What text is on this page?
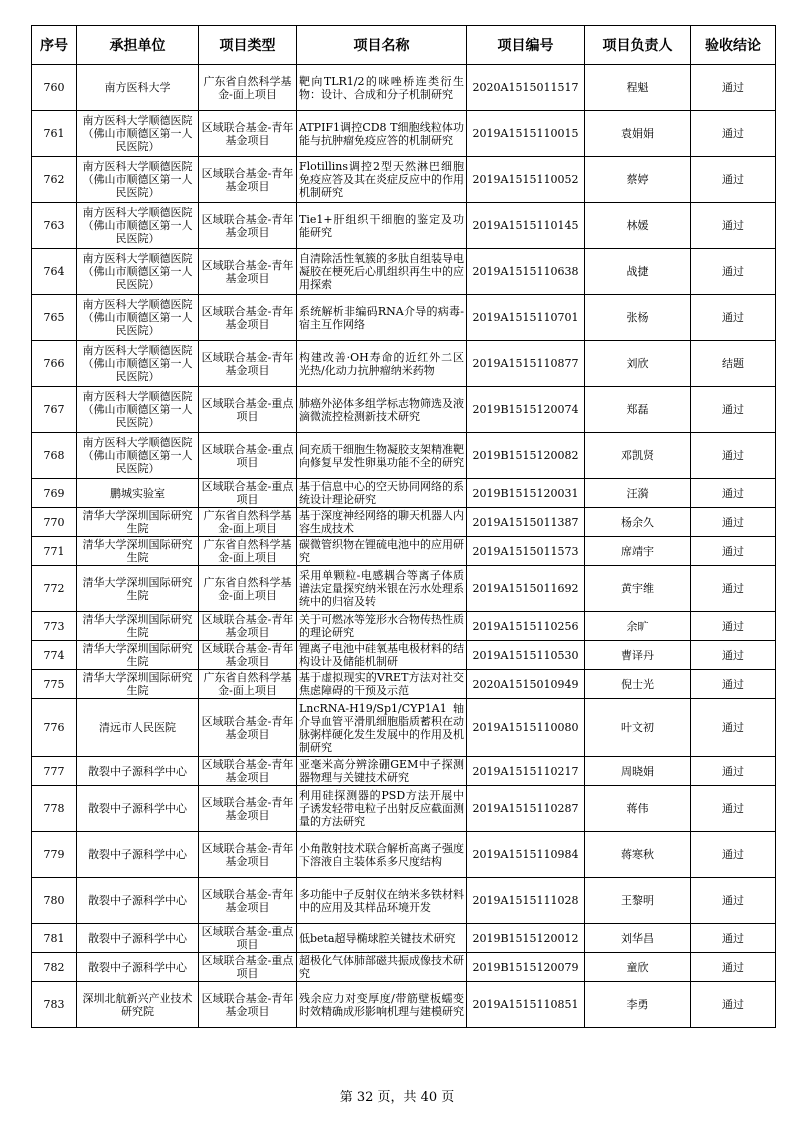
序号	承担单位	项目类型	项目名称	项目编号	项目负责人	验收结论
760	南方医科大学	广东省自然科学基金-面上项目	靶向TLR1/2的咪唑桥连类衍生物：设计、合成和分子机制研究	2020A1515011517	程魁	通过
761	南方医科大学顺德医院（佛山市顺德区第一人民医院）	区域联合基金-青年基金项目	ATPIF1调控CD8 T细胞线粒体功能与抗肿瘤免疫应答的机制研究	2019A1515110015	袁娟娟	通过
762	南方医科大学顺德医院（佛山市顺德区第一人民医院）	区域联合基金-青年基金项目	Flotillins调控2型天然淋巴细胞免疫应答及其在炎症反应中的作用机制研究	2019A1515110052	蔡婷	通过
763	南方医科大学顺德医院（佛山市顺德区第一人民医院）	区域联合基金-青年基金项目	Tie1+肝组织干细胞的鉴定及功能研究	2019A1515110145	林媛	通过
764	南方医科大学顺德医院（佛山市顺德区第一人民医院）	区域联合基金-青年基金项目	自清除活性氧簇的多肽自组装导电凝胶在梗死后心肌组织再生中的应用探索	2019A1515110638	战捷	通过
765	南方医科大学顺德医院（佛山市顺德区第一人民医院）	区域联合基金-青年基金项目	系统解析非编码RNA介导的病毒-宿主互作网络	2019A1515110701	张杨	通过
766	南方医科大学顺德医院（佛山市顺德区第一人民医院）	区域联合基金-青年基金项目	构建改善·OH寿命的近红外二区光热/化动力抗肿瘤纳米药物	2019A1515110877	刘欣	结题
767	南方医科大学顺德医院（佛山市顺德区第一人民医院）	区域联合基金-重点项目	肺癌外泌体多组学标志物筛选及液滴微流控检测新技术研究	2019B1515120074	郑磊	通过
768	南方医科大学顺德医院（佛山市顺德区第一人民医院）	区域联合基金-重点项目	间充质干细胞生物凝胶支架精准靶向修复早发性卵巢功能不全的研究	2019B1515120082	邓凯贤	通过
769	鹏城实验室	区域联合基金-重点项目	基于信息中心的空天协同网络的系统设计理论研究	2019B1515120031	汪漪	通过
770	清华大学深圳国际研究生院	广东省自然科学基金-面上项目	基于深度神经网络的聊天机器人内容生成技术	2019A1515011387	杨余久	通过
771	清华大学深圳国际研究生院	广东省自然科学基金-面上项目	碳微管织物在锂硫电池中的应用研究	2019A1515011573	席靖宇	通过
772	清华大学深圳国际研究生院	广东省自然科学基金-面上项目	采用单颗粒-电感耦合等离子体质谱法定量探究纳米银在污水处理系统中的归宿及转	2019A1515011692	黄宇维	通过
773	清华大学深圳国际研究生院	区域联合基金-青年基金项目	关于可燃冰等笼形水合物传热性质的理论研究	2019A1515110256	余旷	通过
774	清华大学深圳国际研究生院	区域联合基金-青年基金项目	锂离子电池中硅氧基电极材料的结构设计及储能机制研	2019A1515110530	曹译丹	通过
775	清华大学深圳国际研究生院	广东省自然科学基金-面上项目	基于虚拟现实的VRET方法对社交焦虑障碍的干预及示范	2020A1515010949	倪士光	通过
776	清远市人民医院	区域联合基金-青年基金项目	LncRNA-H19/Sp1/CYP1A1轴介导血管平滑肌细胞脂质蓄积在动脉粥样硬化发生发展中的作用及机制研究	2019A1515110080	叶文初	通过
777	散裂中子源科学中心	区域联合基金-青年基金项目	亚毫米高分辨涂硼GEM中子探测器物理与关键技术研究	2019A1515110217	周晓娟	通过
778	散裂中子源科学中心	区域联合基金-青年基金项目	利用硅探测器的PSD方法开展中子诱发轻带电粒子出射反应截面测量的方法研究	2019A1515110287	蒋伟	通过
779	散裂中子源科学中心	区域联合基金-青年基金项目	小角散射技术联合解析高离子强度下溶液自主装体系多尺度结构	2019A1515110984	蒋寒秋	通过
780	散裂中子源科学中心	区域联合基金-青年基金项目	多功能中子反射仪在纳米多铁材料中的应用及其样品环境开发	2019A1515111028	王黎明	通过
781	散裂中子源科学中心	区域联合基金-重点项目	低beta超导椭球腔关键技术研究	2019B1515120012	刘华昌	通过
782	散裂中子源科学中心	区域联合基金-重点项目	超极化气体肺部磁共振成像技术研究	2019B1515120079	童欣	通过
783	深圳北航新兴产业技术研究院	区域联合基金-青年基金项目	残余应力对变厚度/带筋壁板蠕变时效精确成形影响机理与建模研究	2019A1515110851	李勇	通过
第 32 页，共 40 页
